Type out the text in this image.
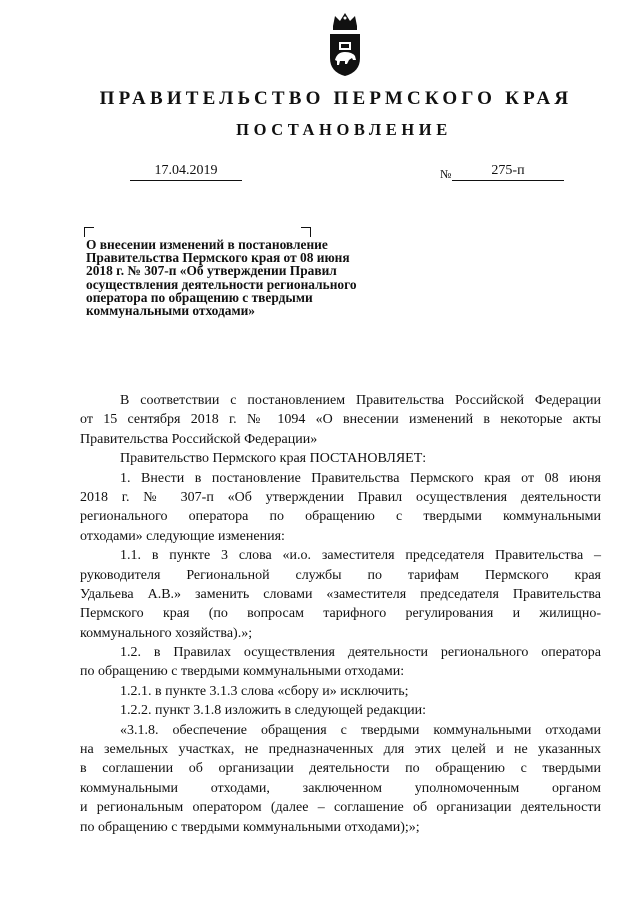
ПРАВИТЕЛЬСТВО ПЕРМСКОГО КРАЯ
ПОСТАНОВЛЕНИЕ
17.04.2019	№	275-п
О внесении изменений в постановление
Правительства Пермского края от 08 июня
2018 г. № 307-п «Об утверждении Правил
осуществления деятельности регионального
оператора по обращению с твердыми
коммунальными отходами»
В соответствии с постановлением Правительства Российской Федерации
от 15 сентября 2018 г. № 1094 «О внесении изменений в некоторые акты
Правительства Российской Федерации»
Правительство Пермского края ПОСТАНОВЛЯЕТ:
1. Внести в постановление Правительства Пермского края от 08 июня
2018 г. № 307-п «Об утверждении Правил осуществления деятельности
регионального оператора по обращению с твердыми коммунальными
отходами» следующие изменения:
1.1. в пункте 3 слова «и.о. заместителя председателя Правительства –
руководителя Региональной службы по тарифам Пермского края
Удальева А.В.» заменить словами «заместителя председателя Правительства
Пермского края (по вопросам тарифного регулирования и жилищно-
коммунального хозяйства).»;
1.2. в Правилах осуществления деятельности регионального оператора
по обращению с твердыми коммунальными отходами:
1.2.1. в пункте 3.1.3 слова «сбору и» исключить;
1.2.2. пункт 3.1.8 изложить в следующей редакции:
«3.1.8. обеспечение обращения с твердыми коммунальными отходами
на земельных участках, не предназначенных для этих целей и не указанных
в соглашении об организации деятельности по обращению с твердыми
коммунальными отходами, заключенном уполномоченным органом
и региональным оператором (далее – соглашение об организации деятельности
по обращению с твердыми коммунальными отходами);»;
